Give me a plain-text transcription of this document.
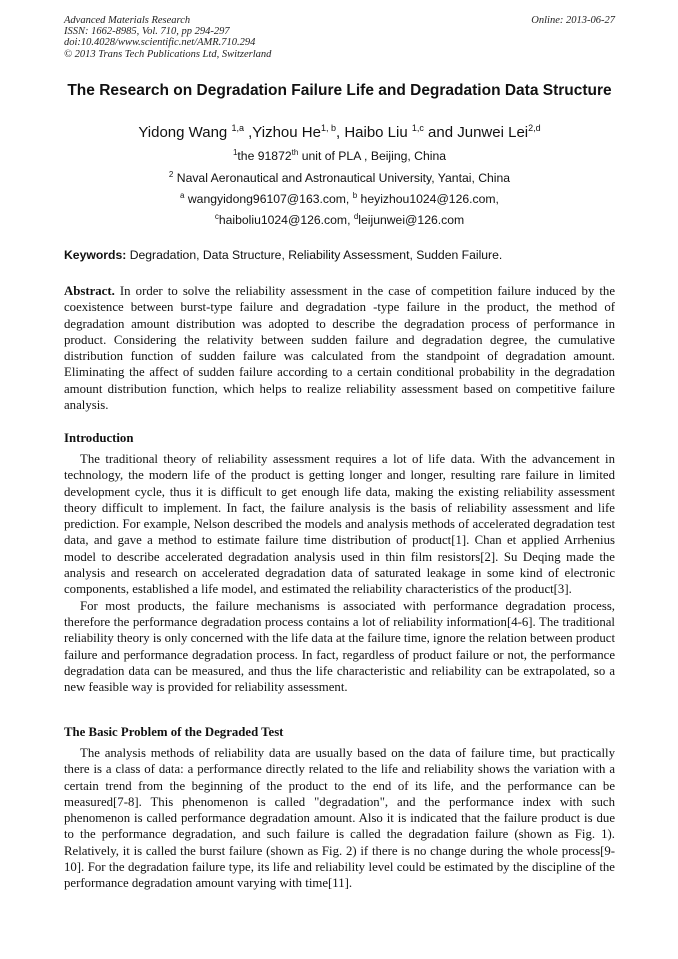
Advanced Materials Research
ISSN: 1662-8985, Vol. 710, pp 294-297
doi:10.4028/www.scientific.net/AMR.710.294
© 2013 Trans Tech Publications Ltd, Switzerland
Online: 2013-06-27
The Research on Degradation Failure Life and Degradation Data Structure
Yidong Wang $^{1,a}$ ,Yizhou He$^{1, b}$, Haibo Liu $^{1,c}$ and Junwei Lei$^{2,d}$
$^1$the 91872th unit of PLA , Beijing, China
$^2$ Naval Aeronautical and Astronautical University, Yantai, China
$^a$ wangyidong96107@163.com, $^b$ heyizhou1024@126.com,
$^c$haiboliu1024@126.com, $^d$leijunwei@126.com
Keywords: Degradation, Data Structure, Reliability Assessment, Sudden Failure.
Abstract. In order to solve the reliability assessment in the case of competition failure induced by the coexistence between burst-type failure and degradation -type failure in the product, the method of degradation amount distribution was adopted to describe the degradation process of performance in product. Considering the relativity between sudden failure and degradation degree, the cumulative distribution function of sudden failure was calculated from the standpoint of degradation amount. Eliminating the affect of sudden failure according to a certain conditional probability in the degradation amount distribution function, which helps to realize reliability assessment based on competitive failure analysis.
Introduction

The traditional theory of reliability assessment requires a lot of life data. With the advancement in technology, the modern life of the product is getting longer and longer, resulting rare failure in limited development cycle, thus it is difficult to get enough life data, making the existing reliability assessment theory difficult to implement. In fact, the failure analysis is the basis of reliability assessment and life prediction. For example, Nelson described the models and analysis methods of accelerated degradation test data, and gave a method to estimate failure time distribution of product[1]. Chan et applied Arrhenius model to describe accelerated degradation analysis used in thin film resistors[2]. Su Deqing made the analysis and research on accelerated degradation data of saturated leakage in some kind of electronic components, established a life model, and estimated the reliability characteristics of the product[3].

For most products, the failure mechanisms is associated with performance degradation process, therefore the performance degradation process contains a lot of reliability information[4-6]. The traditional reliability theory is only concerned with the life data at the failure time, ignore the relation between product failure and performance degradation process. In fact, regardless of product failure or not, the performance degradation data can be measured, and thus the life characteristic and reliability can be extrapolated, so a new feasible way is provided for reliability assessment.

The Basic Problem of the Degraded Test

The analysis methods of reliability data are usually based on the data of failure time, but practically there is a class of data: a performance directly related to the life and reliability shows the variation with a certain trend from the beginning of the product to the end of its life, and the performance can be measured[7-8]. This phenomenon is called "degradation", and the performance index with such phenomenon is called performance degradation amount. Also it is indicated that the failure product is due to the performance degradation, and such failure is called the degradation failure (shown as Fig. 1). Relatively, it is called the burst failure (shown as Fig. 2) if there is no change during the whole process[9-10]. For the degradation failure type, its life and reliability level could be estimated by the discipline of the performance degradation amount varying with time[11].
